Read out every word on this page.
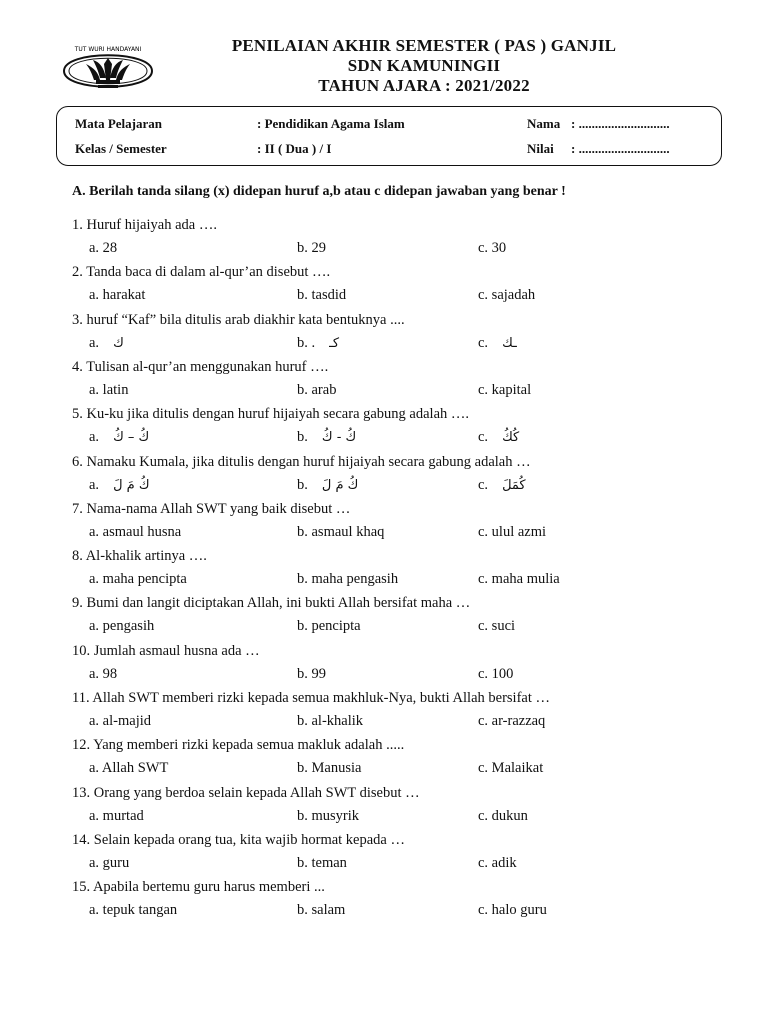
TUT WURI HANDAYANI	PENILAIAN AKHIR SEMESTER ( PAS ) GANJIL
SDN KAMUNINGII
TAHUN AJARA : 2021/2022
Mata Pelajaran	: Pendidikan Agama Islam	Nama : ............................
Kelas / Semester	: II ( Dua ) / I	Nilai : ............................
A. Berilah tanda silang (x) didepan huruf a,b atau c didepan jawaban yang benar !
1. Huruf hijaiyah ada ….
a. 28	b. 29	c. 30
2. Tanda baca di dalam al-qur’an disebut ….
a. harakat	b. tasdid	c. sajadah
3. huruf “Kaf” bila ditulis arab diakhir kata bentuknya ....
a. ك	b. . كـ	c. ـك
4. Tulisan al-qur’an menggunakan huruf ….
a. latin	b. arab	c. kapital
5. Ku-ku jika ditulis dengan huruf hijaiyah secara gabung adalah ….
a. كُ – كُ	b. كُ - كُ	c. كُكُ
6. Namaku Kumala, jika ditulis dengan huruf hijaiyah secara gabung adalah …
a. كُ مَ لَ	b. كُ مَ لَ	c. كُمَلَ
7. Nama-nama Allah SWT yang baik disebut …
a. asmaul husna	b. asmaul khaq	c. ulul azmi
8. Al-khalik artinya ….
a. maha pencipta	b. maha pengasih	c. maha mulia
9. Bumi dan langit diciptakan Allah, ini bukti Allah bersifat maha …
a. pengasih	b. pencipta	c. suci
10. Jumlah asmaul husna ada …
a. 98	b. 99	c. 100
11. Allah SWT memberi rizki kepada semua makhluk-Nya, bukti Allah bersifat …
a. al-majid	b. al-khalik	c. ar-razzaq
12. Yang memberi rizki kepada semua makluk adalah .....
a. Allah SWT	b. Manusia	c. Malaikat
13. Orang yang berdoa selain kepada Allah SWT disebut …
a. murtad	b. musyrik	c. dukun
14. Selain kepada orang tua, kita wajib hormat kepada …
a. guru	b. teman	c. adik
15. Apabila bertemu guru harus memberi ...
a. tepuk tangan	b. salam	c. halo guru
